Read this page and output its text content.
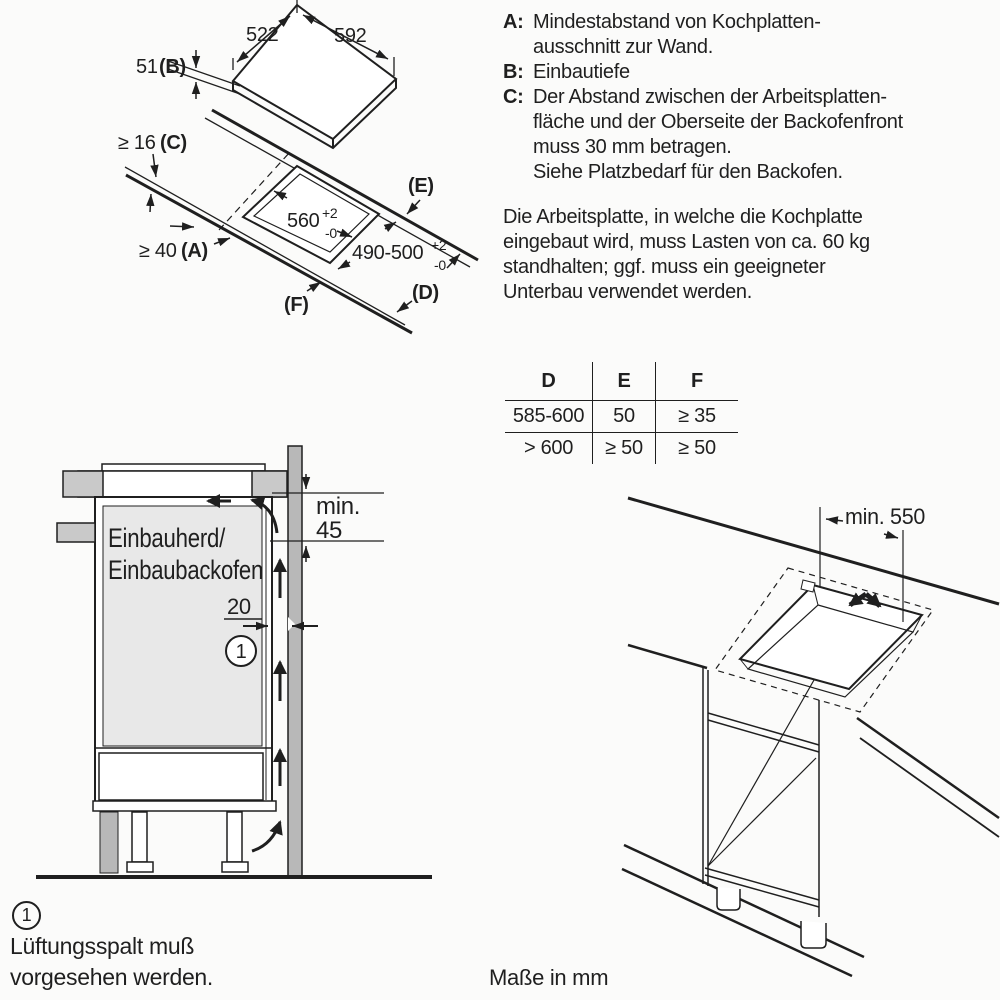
522	592
51 (B)
≥ 16 (C)
≥ 40 (A)
560 +2
-0
490-500 +2
-0
(E)
(F)
(D)
A: Mindestabstand von Kochplatten-
ausschnitt zur Wand.
B: Einbautiefe
C: Der Abstand zwischen der Arbeitsplatten-
fläche und der Oberseite der Backofenfront
muss 30 mm betragen.
Siehe Platzbedarf für den Backofen.
Die Arbeitsplatte, in welche die Kochplatte
eingebaut wird, muss Lasten von ca. 60 kg
standhalten; ggf. muss ein geeigneter
Unterbau verwendet werden.
D	E	F
585-600	50	≥ 35
> 600	≥ 50	≥ 50
Einbauherd/
Einbaubackofen
min.
45
20
1
min. 550
1
Lüftungsspalt muß
vorgesehen werden.	Maße in mm
